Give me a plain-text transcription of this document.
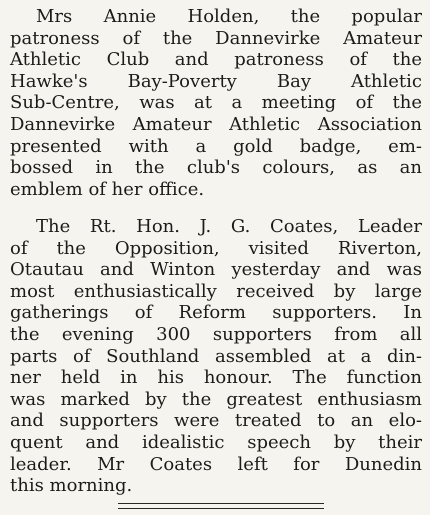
Mrs Annie Holden, the popular
patroness of the Dannevirke Amateur
Athletic Club and patroness of the
Hawke's Bay-Poverty Bay Athletic
Sub-Centre, was at a meeting of the
Dannevirke Amateur Athletic Association
presented with a gold badge, em-
bossed in the club's colours, as an
emblem of her office.
The Rt. Hon. J. G. Coates, Leader
of the Opposition, visited Riverton,
Otautau and Winton yesterday and was
most enthusiastically received by large
gatherings of Reform supporters. In
the evening 300 supporters from all
parts of Southland assembled at a din-
ner held in his honour. The function
was marked by the greatest enthusiasm
and supporters were treated to an elo-
quent and idealistic speech by their
leader. Mr Coates left for Dunedin
this morning.
